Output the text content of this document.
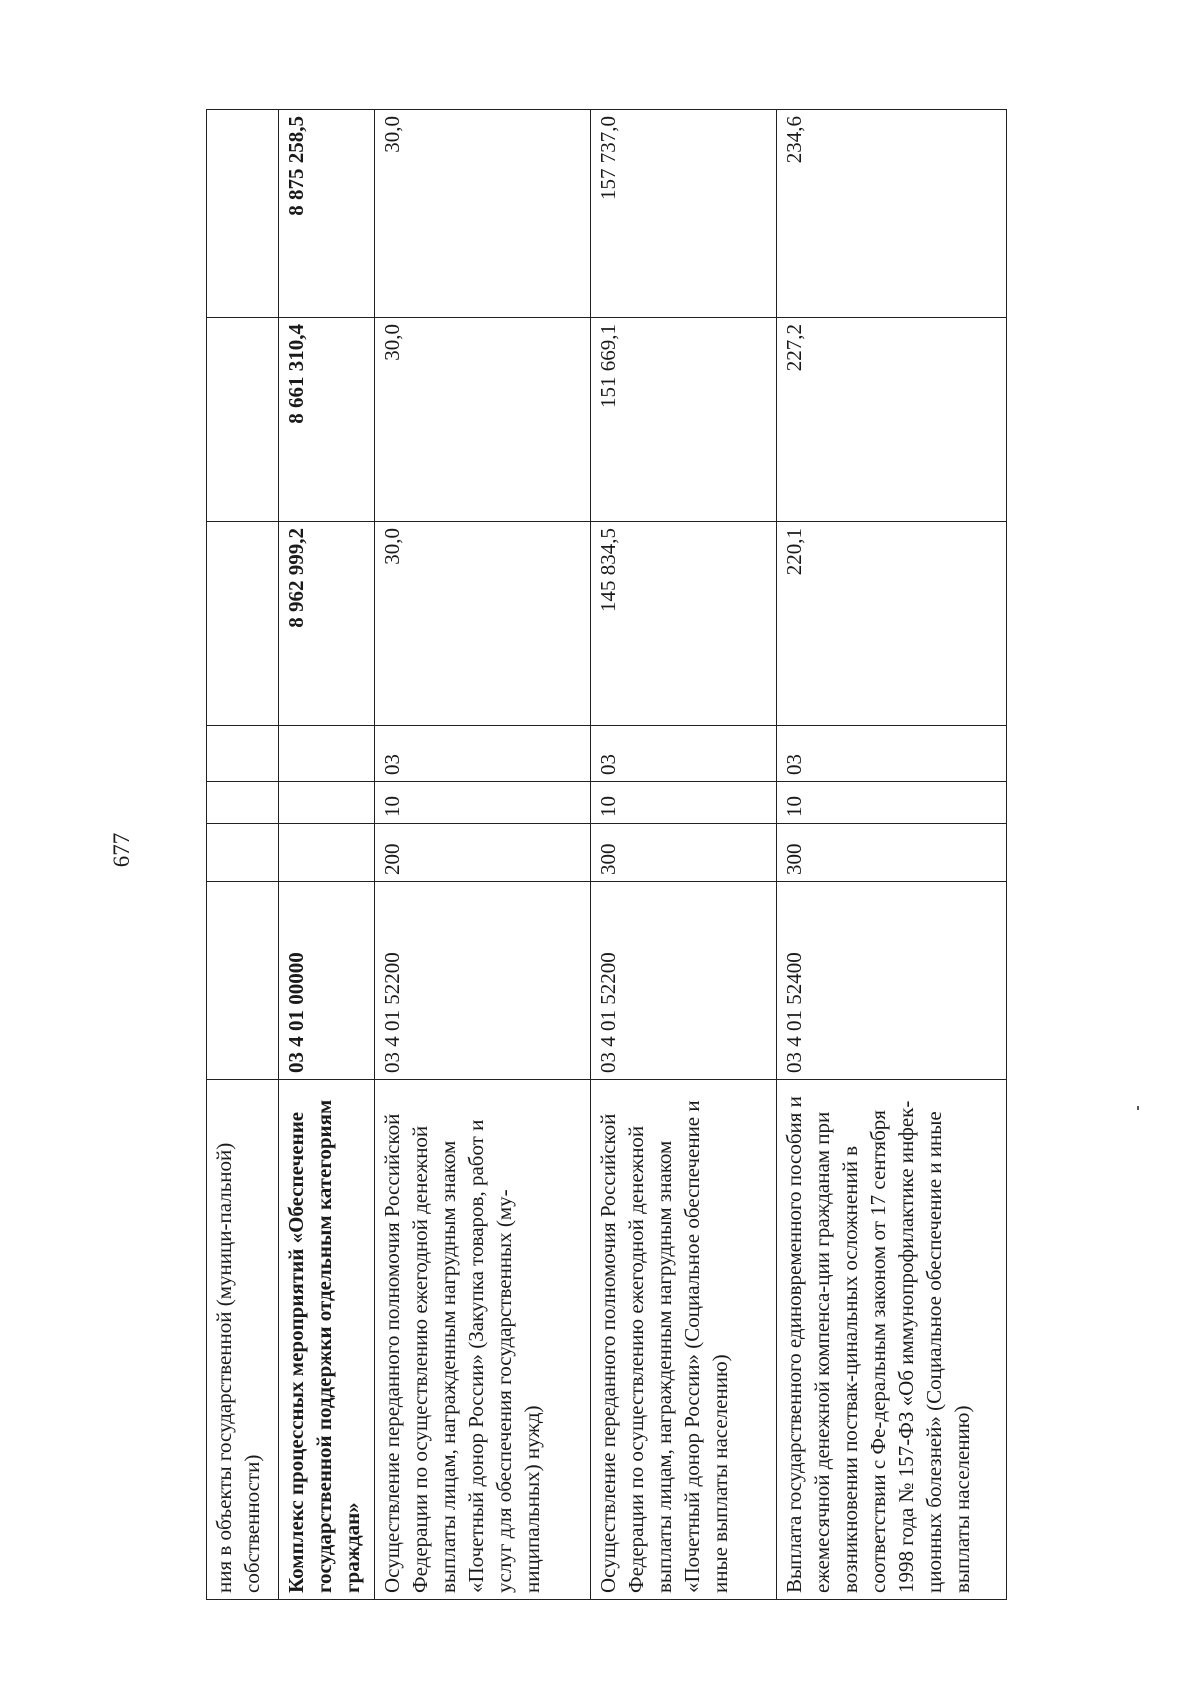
677
ния в объекты государственной (муници-пальной) собственности)							
Комплекс процессных мероприятий «Обеспечение государственной поддержки отдельным категориям граждан»	03 4 01 00000				8 962 999,2	8 661 310,4	8 875 258,5
Осуществление переданного полномочия Российской Федерации по осуществлению ежегодной денежной выплаты лицам, награжденным нагрудным знаком «Почетный донор России» (Закупка товаров, работ и услуг для обеспечения государственных (му-ниципальных) нужд)	03 4 01 52200	200	10	03	30,0	30,0	30,0
Осуществление переданного полномочия Российской Федерации по осуществлению ежегодной денежной выплаты лицам, награжденным нагрудным знаком «Почетный донор России» (Социальное обеспечение и иные выплаты населению)	03 4 01 52200	300	10	03	145 834,5	151 669,1	157 737,0
Выплата государственного единовременного пособия и ежемесячной денежной компенса-ции гражданам при возникновении поствак-цинальных осложнений в соответствии с Фе-деральным законом от 17 сентября 1998 года № 157-ФЗ «Об иммунопрофилактике инфек-ционных болезней» (Социальное обеспечение и иные выплаты населению)	03 4 01 52400	300	10	03	220,1	227,2	234,6
